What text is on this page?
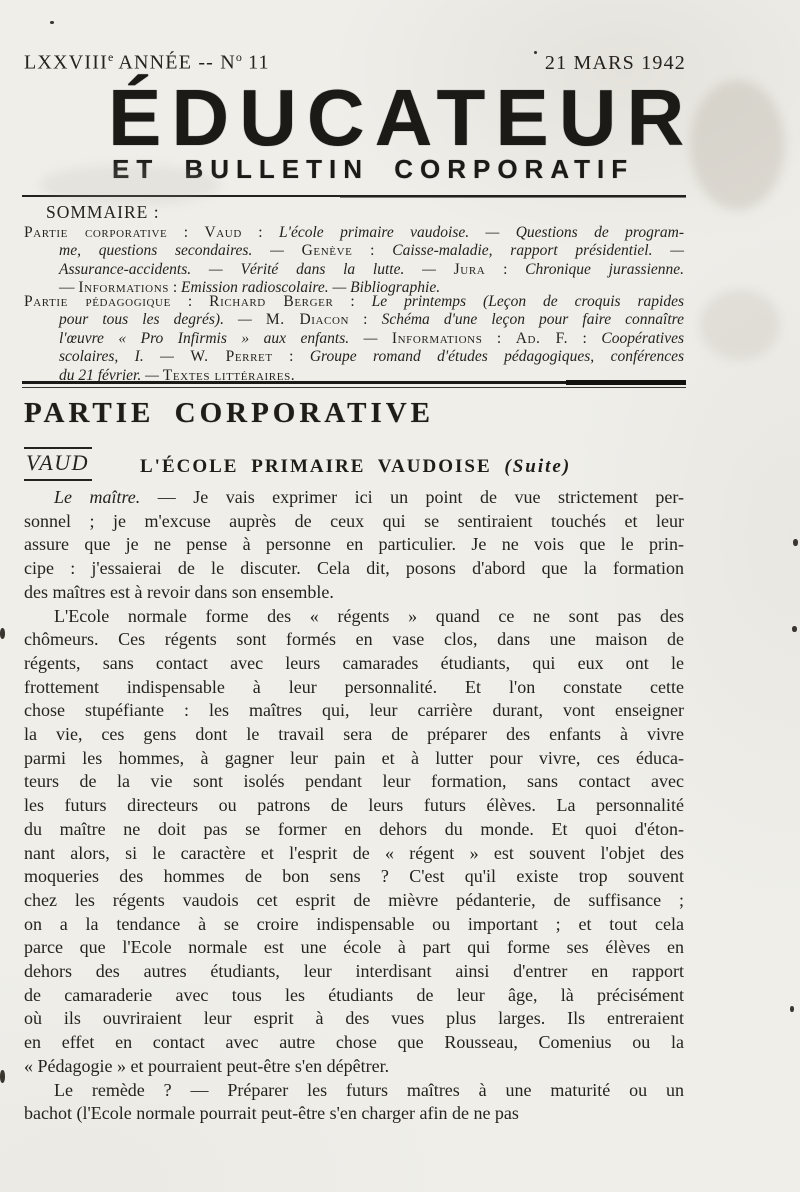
LXXVIIIe ANNÉE -- $N^o$ 11	21 MARS 1942
ÉDUCATEUR
ET BULLETIN CORPORATIF
SOMMAIRE :
Partie corporative : Vaud : L'école primaire vaudoise. — Questions de program-
me, questions secondaires. — Genève : Caisse-maladie, rapport présidentiel. —
Assurance-accidents. — Vérité dans la lutte. — Jura : Chronique jurassienne.
— Informations : Emission radioscolaire. — Bibliographie.
Partie pédagogique : Richard Berger : Le printemps (Leçon de croquis rapides
pour tous les degrés). — M. Diacon : Schéma d'une leçon pour faire connaître
l'œuvre « Pro Infirmis » aux enfants. — Informations : Ad. F. : Coopératives
scolaires, I. — W. Perret : Groupe romand d'études pédagogiques, conférences
du 21 février. — Textes littéraires.
PARTIE CORPORATIVE
VAUD	L'ÉCOLE PRIMAIRE VAUDOISE (Suite)
Le maître. — Je vais exprimer ici un point de vue strictement per-
sonnel ; je m'excuse auprès de ceux qui se sentiraient touchés et leur
assure que je ne pense à personne en particulier. Je ne vois que le prin-
cipe : j'essaierai de le discuter. Cela dit, posons d'abord que la formation
des maîtres est à revoir dans son ensemble.
L'Ecole normale forme des « régents » quand ce ne sont pas des
chômeurs. Ces régents sont formés en vase clos, dans une maison de
régents, sans contact avec leurs camarades étudiants, qui eux ont le
frottement indispensable à leur personnalité. Et l'on constate cette
chose stupéfiante : les maîtres qui, leur carrière durant, vont enseigner
la vie, ces gens dont le travail sera de préparer des enfants à vivre
parmi les hommes, à gagner leur pain et à lutter pour vivre, ces éduca-
teurs de la vie sont isolés pendant leur formation, sans contact avec
les futurs directeurs ou patrons de leurs futurs élèves. La personnalité
du maître ne doit pas se former en dehors du monde. Et quoi d'éton-
nant alors, si le caractère et l'esprit de « régent » est souvent l'objet des
moqueries des hommes de bon sens ? C'est qu'il existe trop souvent
chez les régents vaudois cet esprit de mièvre pédanterie, de suffisance ;
on a la tendance à se croire indispensable ou important ; et tout cela
parce que l'Ecole normale est une école à part qui forme ses élèves en
dehors des autres étudiants, leur interdisant ainsi d'entrer en rapport
de camaraderie avec tous les étudiants de leur âge, là précisément
où ils ouvriraient leur esprit à des vues plus larges. Ils entreraient
en effet en contact avec autre chose que Rousseau, Comenius ou la
« Pédagogie » et pourraient peut-être s'en dépêtrer.
Le remède ? — Préparer les futurs maîtres à une maturité ou un
bachot (l'Ecole normale pourrait peut-être s'en charger afin de ne pas
